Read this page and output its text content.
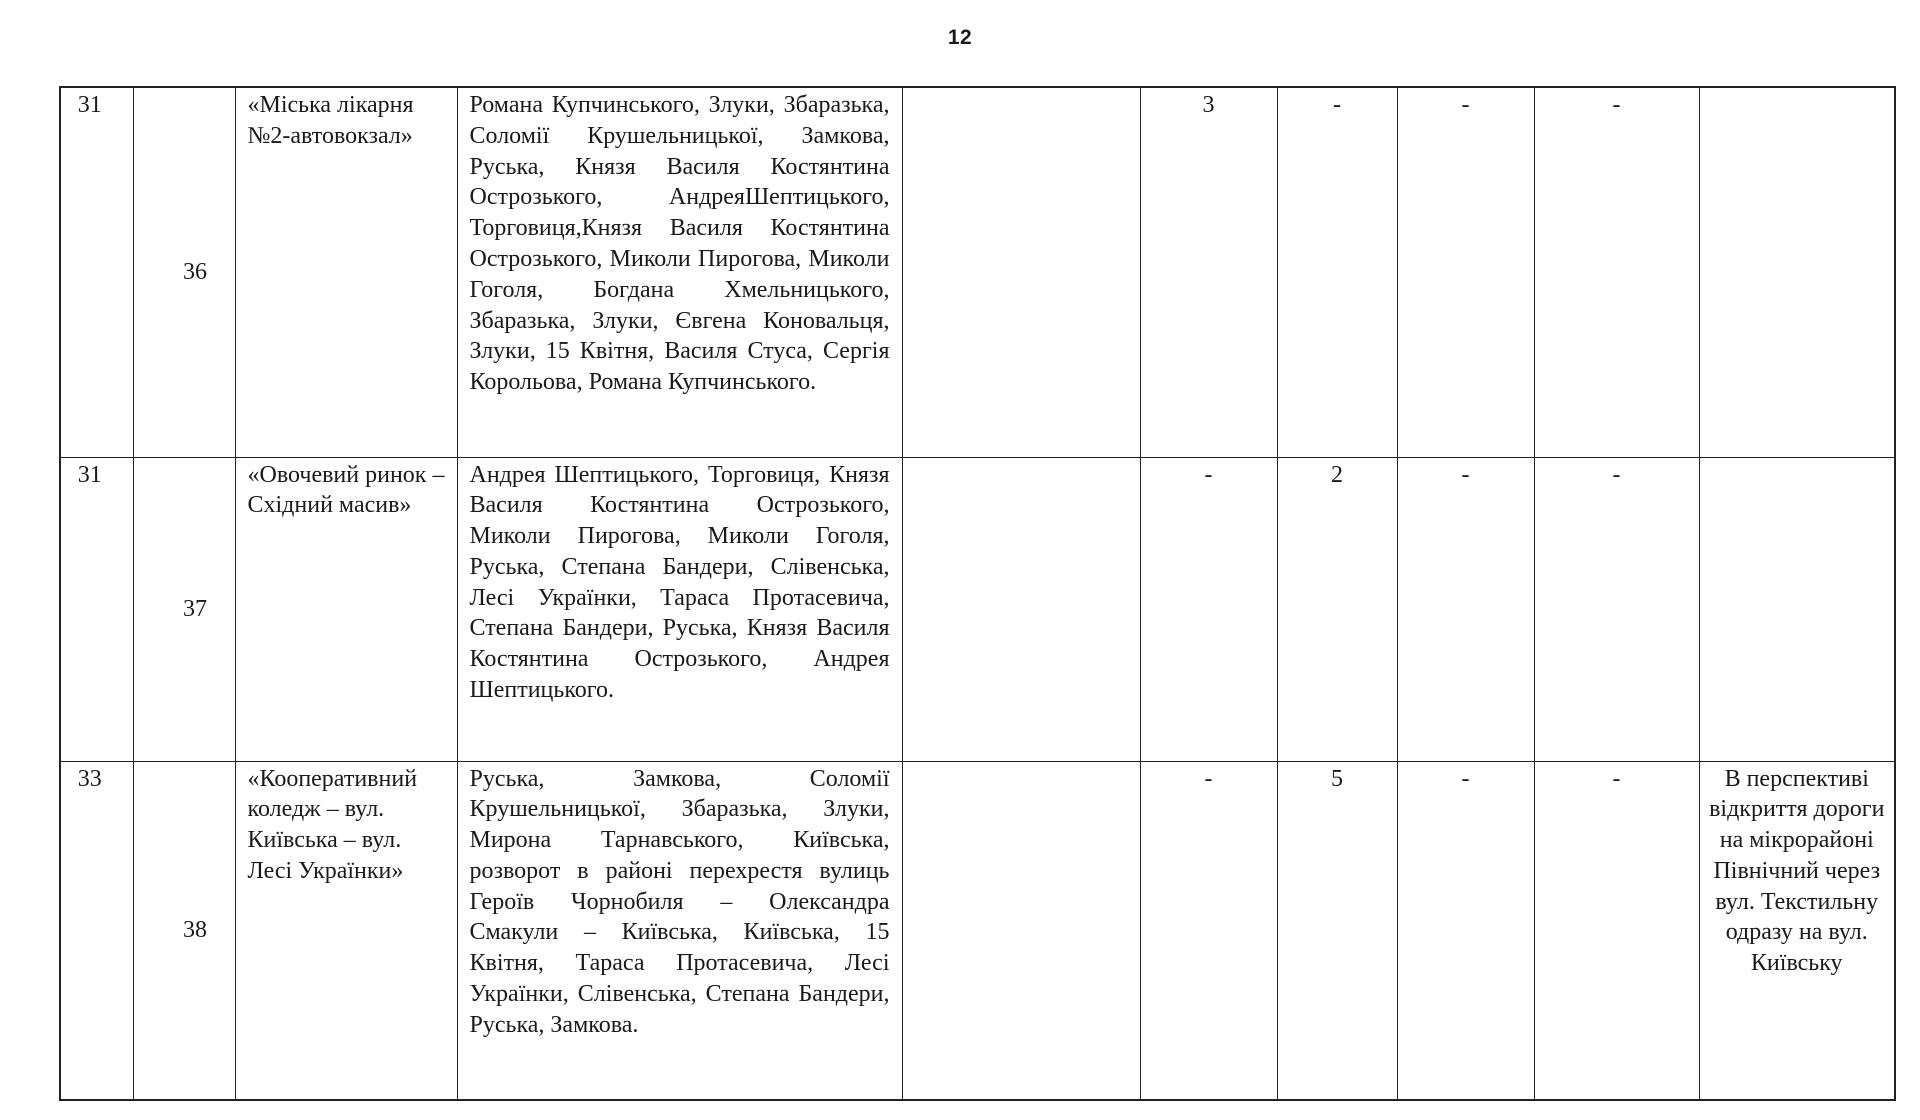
12
31	36	«Міська лікарня №2-автовокзал»	Романа Купчинського, Злуки, Збаразька, Соломії Крушельницької, Замкова, Руська, Князя Василя Костянтина Острозького, АндреяШептицького, Торговиця,Князя Василя Костянтина Острозького, Миколи Пирогова, Миколи Гоголя, Богдана Хмельницького, Збаразька, Злуки, Євгена Коновальця, Злуки, 15 Квітня, Василя Стуса, Сергія Корольова, Романа Купчинського.		3	-	-	-	
31	37	«Овочевий ринок – Східний масив»	Андрея Шептицького, Торговиця, Князя Василя Костянтина Острозького, Миколи Пирогова, Миколи Гоголя, Руська, Степана Бандери, Слівенська, Лесі Українки, Тараса Протасевича, Степана Бандери, Руська, Князя Василя Костянтина Острозького, Андрея Шептицького.		-	2	-	-	
33	38	«Кооперативний коледж – вул. Київська – вул. Лесі Українки»	Руська, Замкова, Соломії Крушельницької, Збаразька, Злуки, Мирона Тарнавського, Київська, розворот в районі перехрестя вулиць Героїв Чорнобиля – Олександра Смакули – Київська, Київська, 15 Квітня, Тараса Протасевича, Лесі Українки, Слівенська, Степана Бандери, Руська, Замкова.		-	5	-	-	В перспективі відкриття дороги на мікрорайоні Північний через вул. Текстильну одразу на вул. Київську
